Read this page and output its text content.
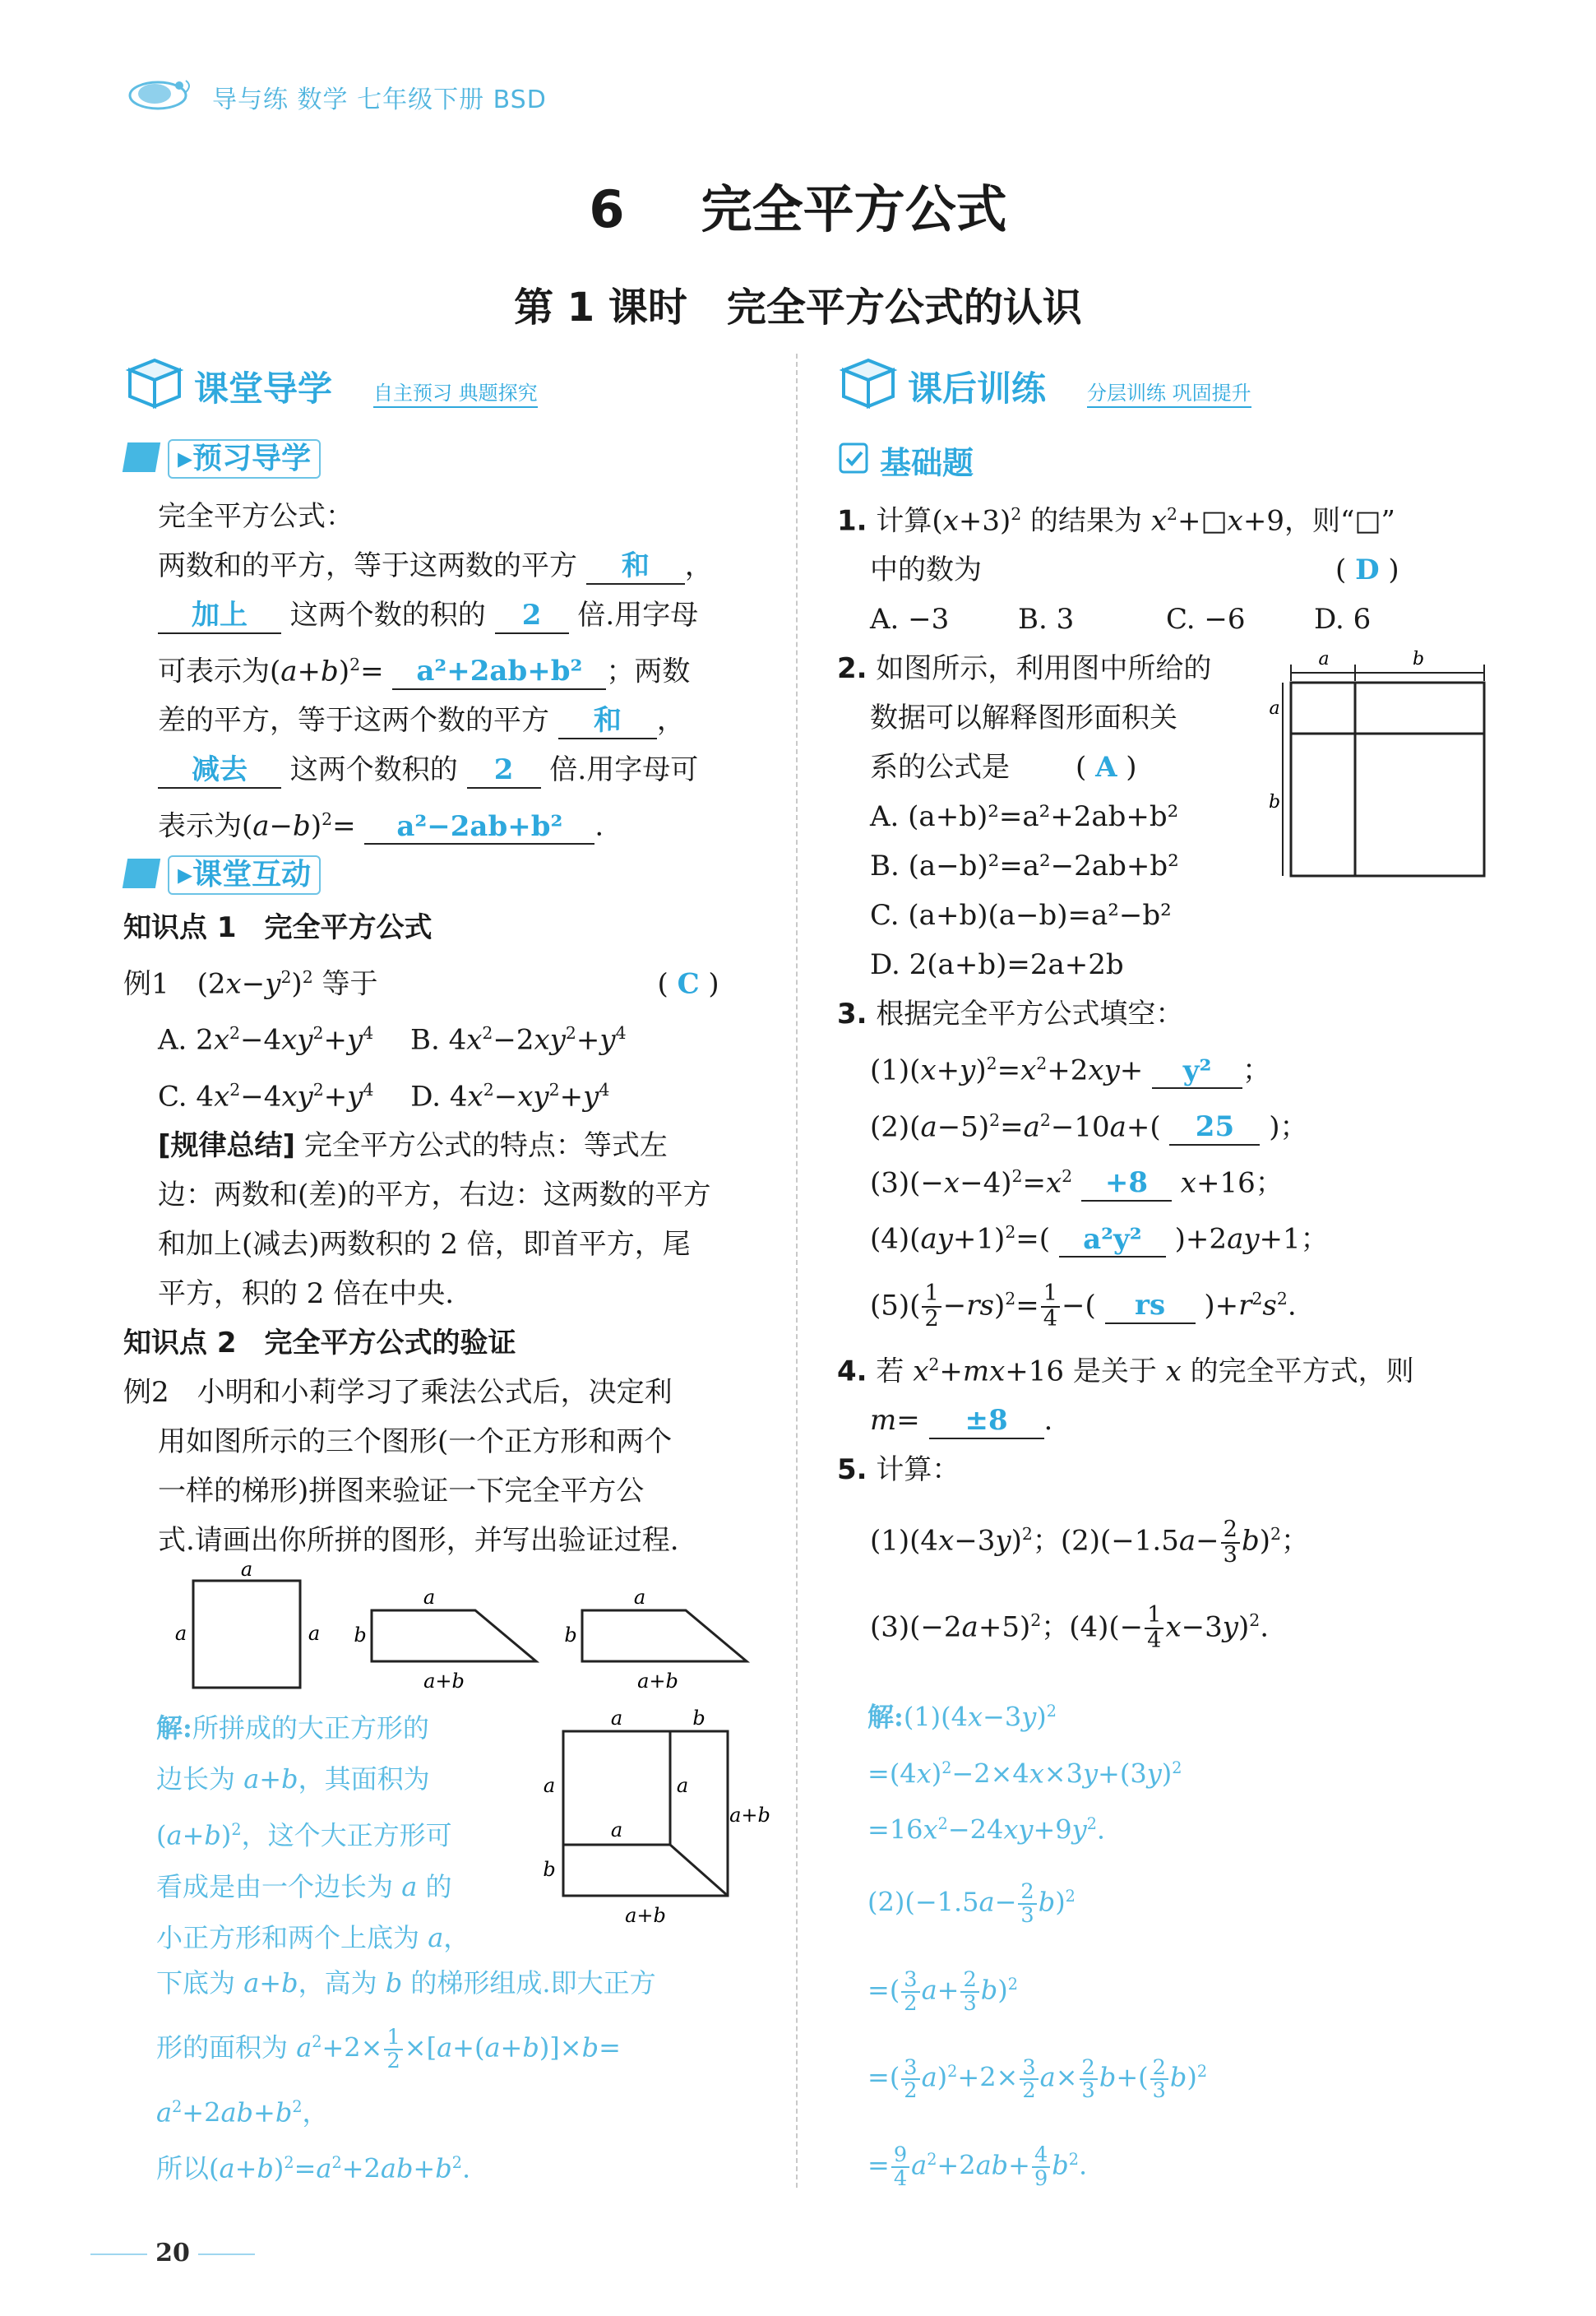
导与练 数学 七年级下册 BSD
6 完全平方公式
第 1 课时　完全平方公式的认识
课堂导学 自主预习 典题探究
▸预习导学
完全平方公式：
两数和的平方，等于这两数的平方 和 ，
加上 这两个数的积的 2 倍.用字母
可表示为$(a+b)^2= a^2+2ab+b^2$ ；两数
差的平方，等于这两个数的平方 和 ，
减去 这两个数积的 2 倍.用字母可
表示为$(a-b)^2= a^2-2ab+b^2$ .
▸课堂互动
知识点 1　完全平方公式
例1　$(2x-y^2)^2$ 等于	( C )
A. $2x^2-4xy^2+y^4$　 B. $4x^2-2xy^2+y^4$
C. $4x^2-4xy^2+y^4$　 D. $4x^2-xy^2+y^4$
[规律总结] 完全平方公式的特点：等式左
边：两数和(差)的平方，右边：这两数的平方
和加上(减去)两数积的 2 倍，即首平方，尾
平方，积的 2 倍在中央.
知识点 2　完全平方公式的验证
例2　小明和小莉学习了乘法公式后，决定利
用如图所示的三个图形(一个正方形和两个
一样的梯形)拼图来验证一下完全平方公
式.请画出你所拼的图形，并写出验证过程.
a
a	a
a
b
a+b
a
b
a+b
解:所拼成的大正方形的
边长为 a+b，其面积为
$(a+b)^2$，这个大正方形可
看成是由一个边长为 a 的
小正方形和两个上底为 a，
a	b
a	a
a+b
a
b
a+b
下底为 a+b，高为 b 的梯形组成.即大正方
形的面积为 $a^2+2\times \frac{1}{2} \times[a+(a+b)]\times b=$
$a^2+2ab+b^2$，
所以$(a+b)^2=a^2+2ab+b^2$.
课后训练 分层训练 巩固提升
基础题
1. 计算$(x+3)^2$ 的结果为 $x^2+□x+9$，则“□”
中的数为	( D )
A. −3 B. 3	C. −6 D. 6
2. 如图所示，利用图中所给的
数据可以解释图形面积关
系的公式是 ( A )
A. (a+b)²=a²+2ab+b²
B. (a−b)²=a²−2ab+b²
C. (a+b)(a−b)=a²−b²
D. 2(a+b)=2a+2b
3. 根据完全平方公式填空：
$(1)(x+y)^2=x^2+2xy+ y^2$ ；
$(2)(a-5)^2=a^2-10a+$( 25 )；
$(3)(-x-4)^2=x^2 +8$ x+16；
$(4)(ay+1)^2=$( a²y² )+2ay+1；
$(5)( \frac{1}{2} -rs)^2= \frac{1}{4}$ −( rs )$+r^2s^2$.
4. 若 $x^2+mx+16$ 是关于 x 的完全平方式，则
m= ±8 .
5. 计算：
$(1)(4x-3y)^2$；$(2)(-1.5a- \frac{2}{3} b)^2$；
$(3)(-2a+5)^2$；$(4)(- \frac{1}{4} x-3y)^2$.
a	b
a
b
解$:(1)(4x-3y)^2$
$=(4x)^2-2\times 4x\times 3y+(3y)^2$
$=16x^2-24xy+9y^2$.
$(2)(-1.5a- \frac{2}{3} b)^2$
=( $\frac{3}{2} a+ \frac{2}{3} b)^2$
=( $\frac{3}{2} a)^2+2\times \frac{3}{2} a\times \frac{2}{3} b+( \frac{2}{3} b)^2$
= $\frac{9}{4} a^2+2ab+ \frac{4}{9} b^2$.
20
